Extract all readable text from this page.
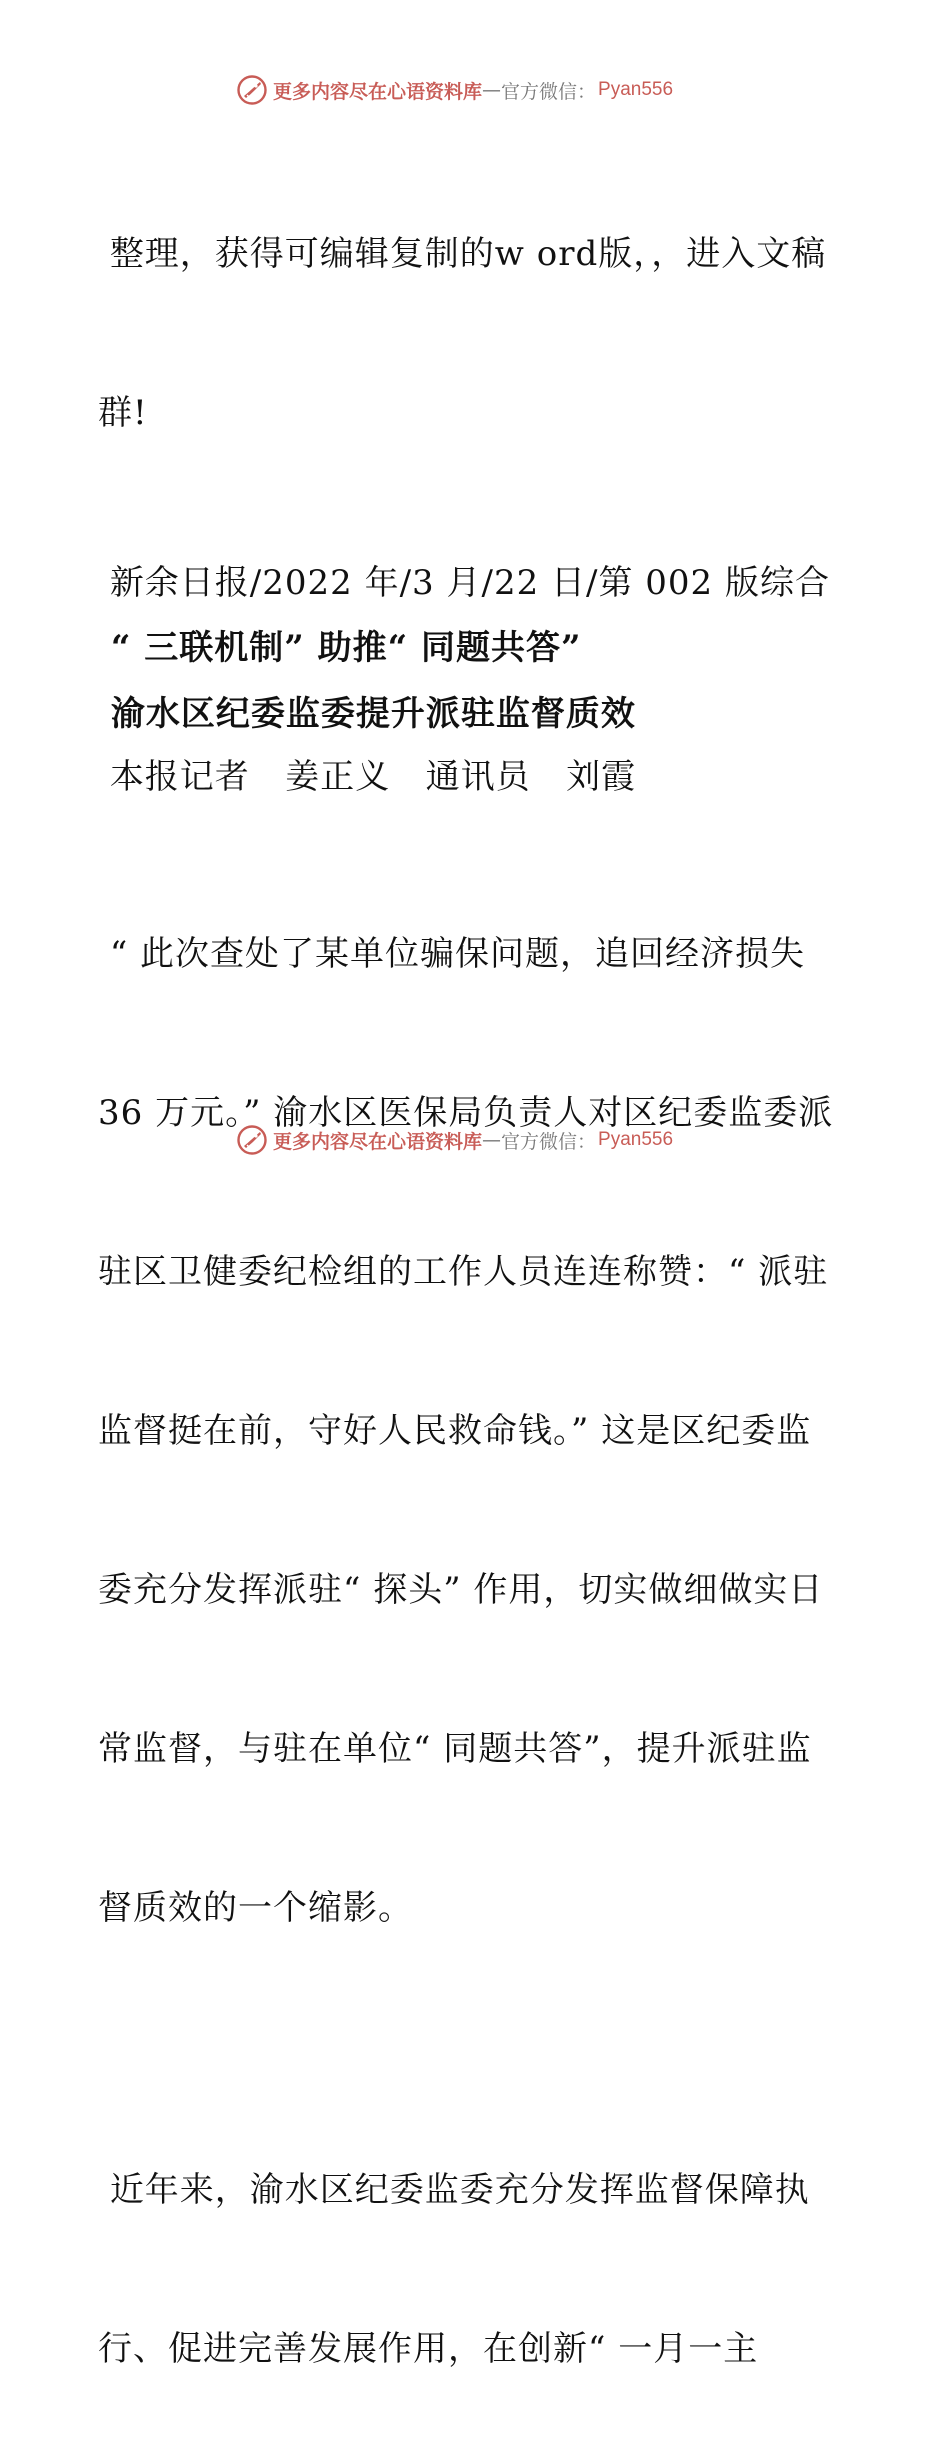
更多内容尽在心语资料库 — 官方微信： Pyan556

整理，获得可编辑复制的w ord版，，进入文稿

群!

新余日报/2022 年/3 月/22 日/第 002 版综合

“ 三联机制” 助推“ 同题共答”
渝水区纪委监委提升派驻监督质效

本报记者   姜正义   通讯员   刘霞

“ 此次查处了某单位骗保问题，追回经济损失

36 万元。” 渝水区医保局负责人对区纪委监委派

驻区卫健委纪检组的工作人员连连称赞：“ 派驻

监督挺在前，守好人民救命钱。” 这是区纪委监

委充分发挥派驻“ 探头” 作用，切实做细做实日

常监督，与驻在单位“ 同题共答”，提升派驻监

督质效的一个缩影。

近年来，渝水区纪委监委充分发挥监督保障执

行、促进完善发展作用，在创新“ 一月一主

更多内容尽在心语资料库 — 官方微信： Pyan556
